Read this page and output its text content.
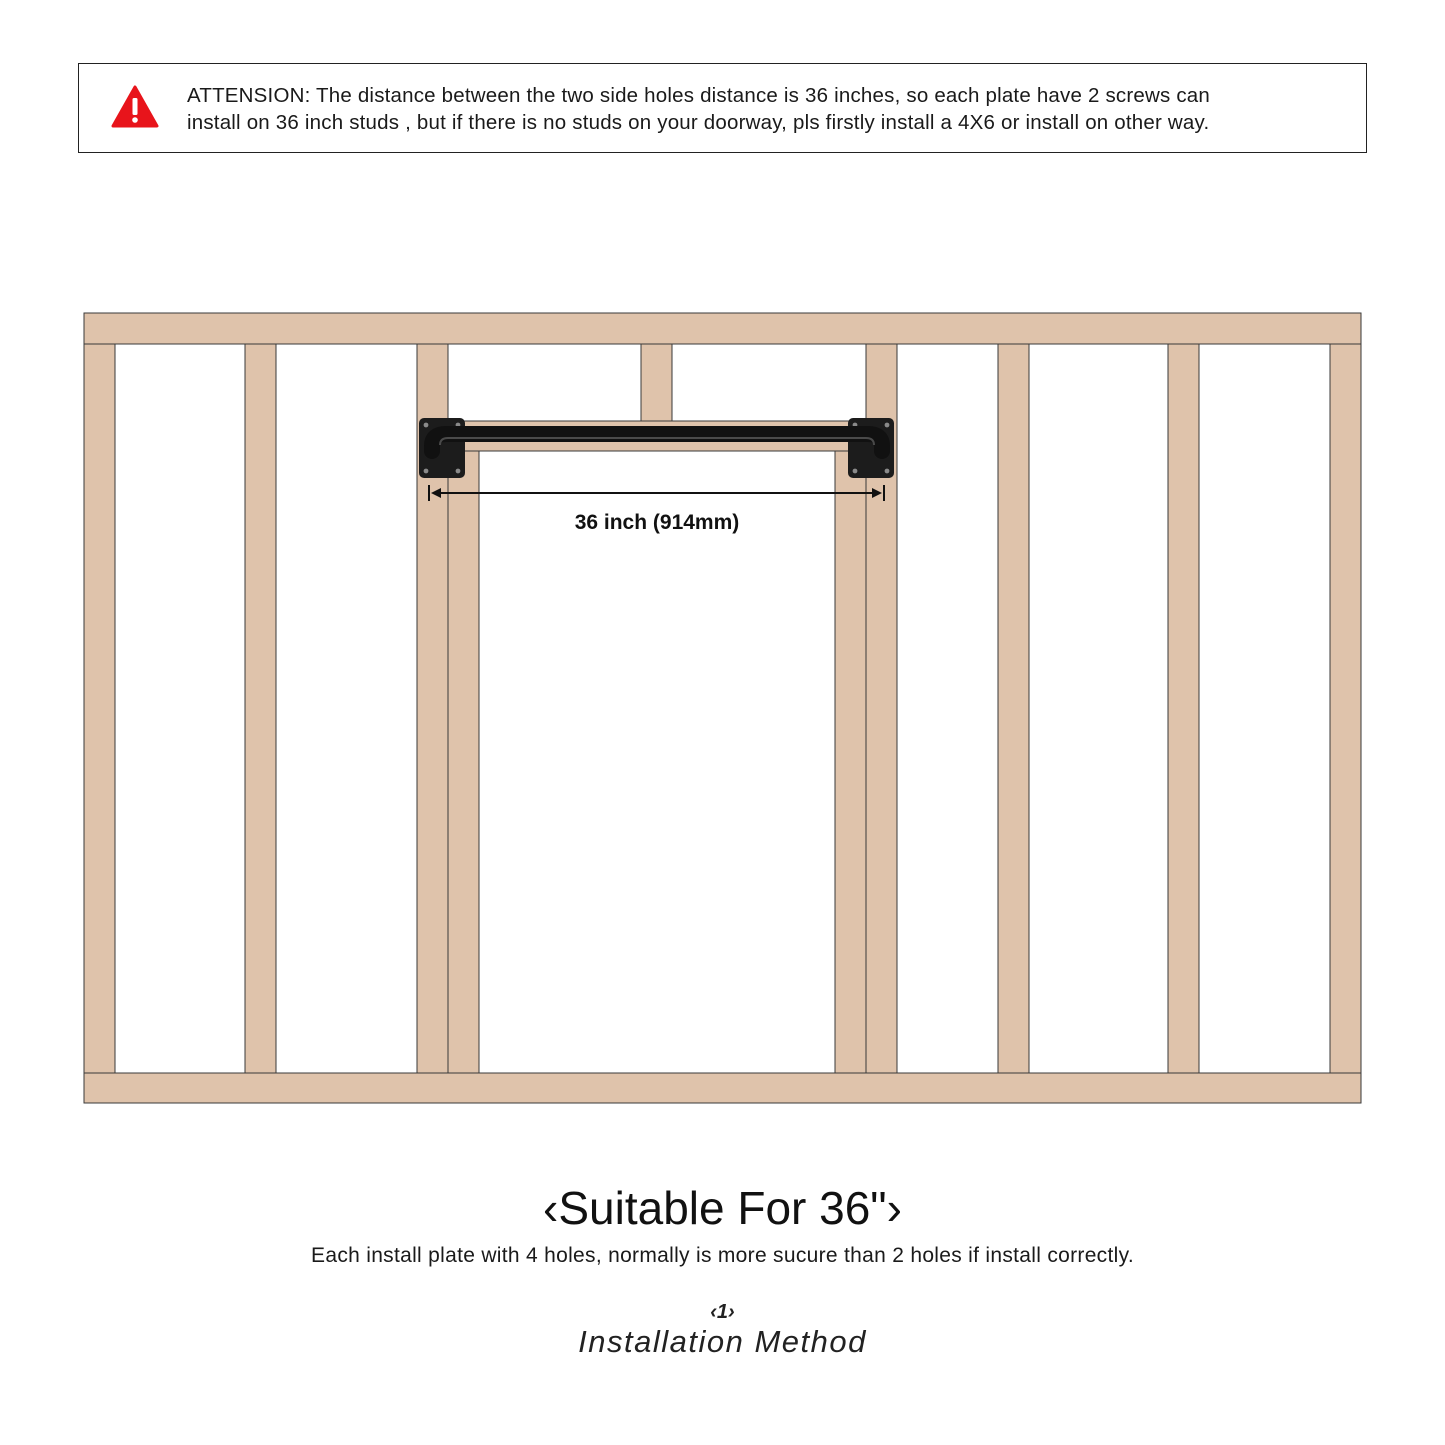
ATTENSION: The distance between the two side holes distance is 36 inches, so each plate have 2 screws can
install on 36 inch studs , but if there is no studs on your doorway, pls firstly install a 4X6 or install on other way.
36 inch (914mm)
‹Suitable For 36"›
Each install plate with 4 holes, normally is more sucure than 2 holes if install correctly.
‹1›
Installation Method
